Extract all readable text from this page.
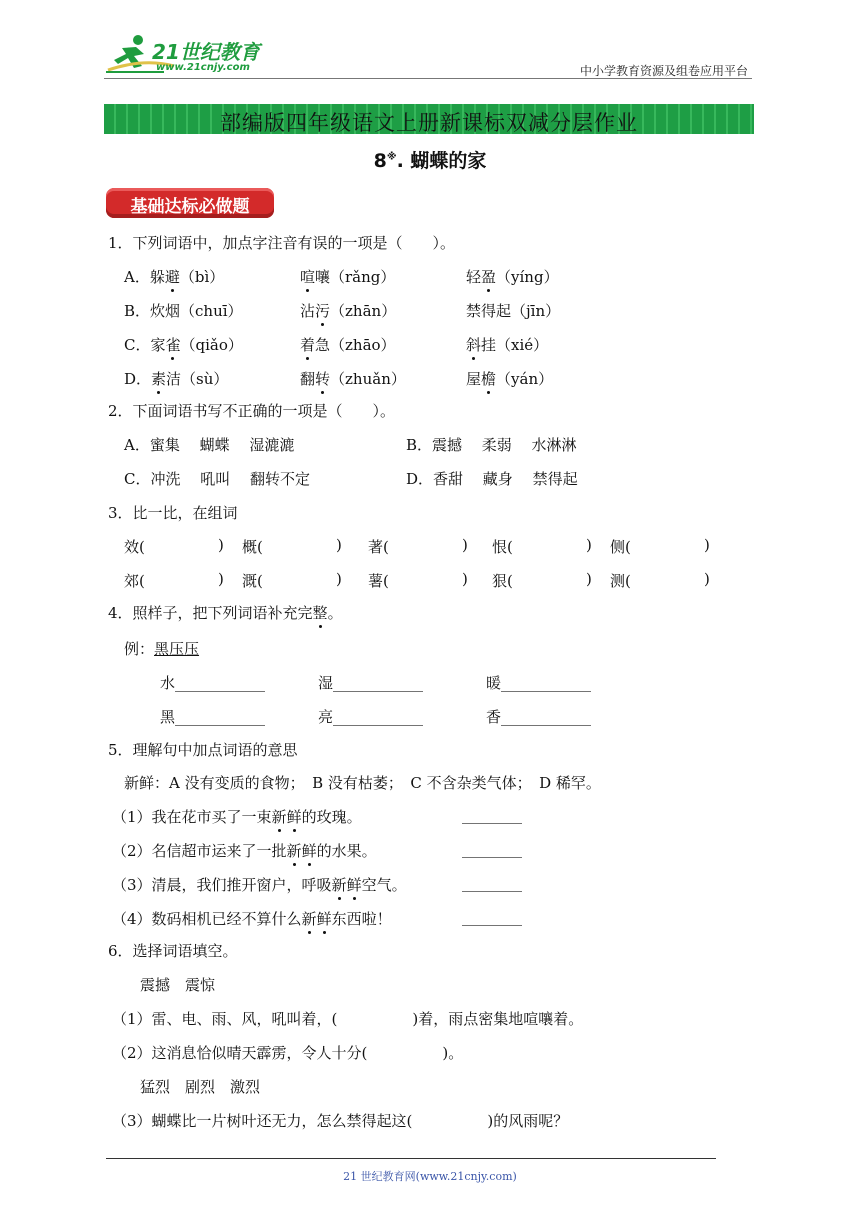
21世纪教育
www.21cnjy.com	中小学教育资源及组卷应用平台
部编版四年级语文上册新课标双减分层作业
8※. 蝴蝶的家
基础达标必做题
1．下列词语中，加点字注音有误的一项是（　　）。
A．躲避（bì）	喧嚷（rǎng）	轻盈（yíng）
B．炊烟（chuī）	沾污（zhān）	禁得起（jīn）
C．家雀（qiǎo）	着急（zhāo）	斜挂（xié）
D．素洁（sù）	翻转（zhuǎn）	屋檐（yán）
2．下面词语书写不正确的一项是（　　）。
A．蜜集　 蝴蝶　 湿漉漉	B．震撼　 柔弱　 水淋淋
C．冲洗　 吼叫　 翻转不定	D．香甜　 藏身　 禁得起
3．比一比，在组词
效(	) 概(	) 著(	) 恨(	) 侧(	)
郊(	) 溉(	) 薯(	) 狠(	) 测(	)
4．照样子，把下列词语补充完整。
例：黑压压
水____________	湿____________	暖____________
黑____________	亮____________	香____________
5．理解句中加点词语的意思
新鲜：A 没有变质的食物；　B 没有枯萎；　C 不含杂类气体；　D 稀罕。
（1）我在花市买了一束新鲜的玫瑰。	________
（2）名信超市运来了一批新鲜的水果。	________
（3）清晨，我们推开窗户，呼吸新鲜空气。	________
（4）数码相机已经不算什么新鲜东西啦！	________
6．选择词语填空。
震撼　震惊
（1）雷、电、雨、风，吼叫着，(　　　　　)着，雨点密集地喧嚷着。
（2）这消息恰似晴天霹雳，令人十分(　　　　　)。
猛烈　剧烈　激烈
（3）蝴蝶比一片树叶还无力，怎么禁得起这(　　　　　)的风雨呢？
21 世纪教育网(www.21cnjy.com)
